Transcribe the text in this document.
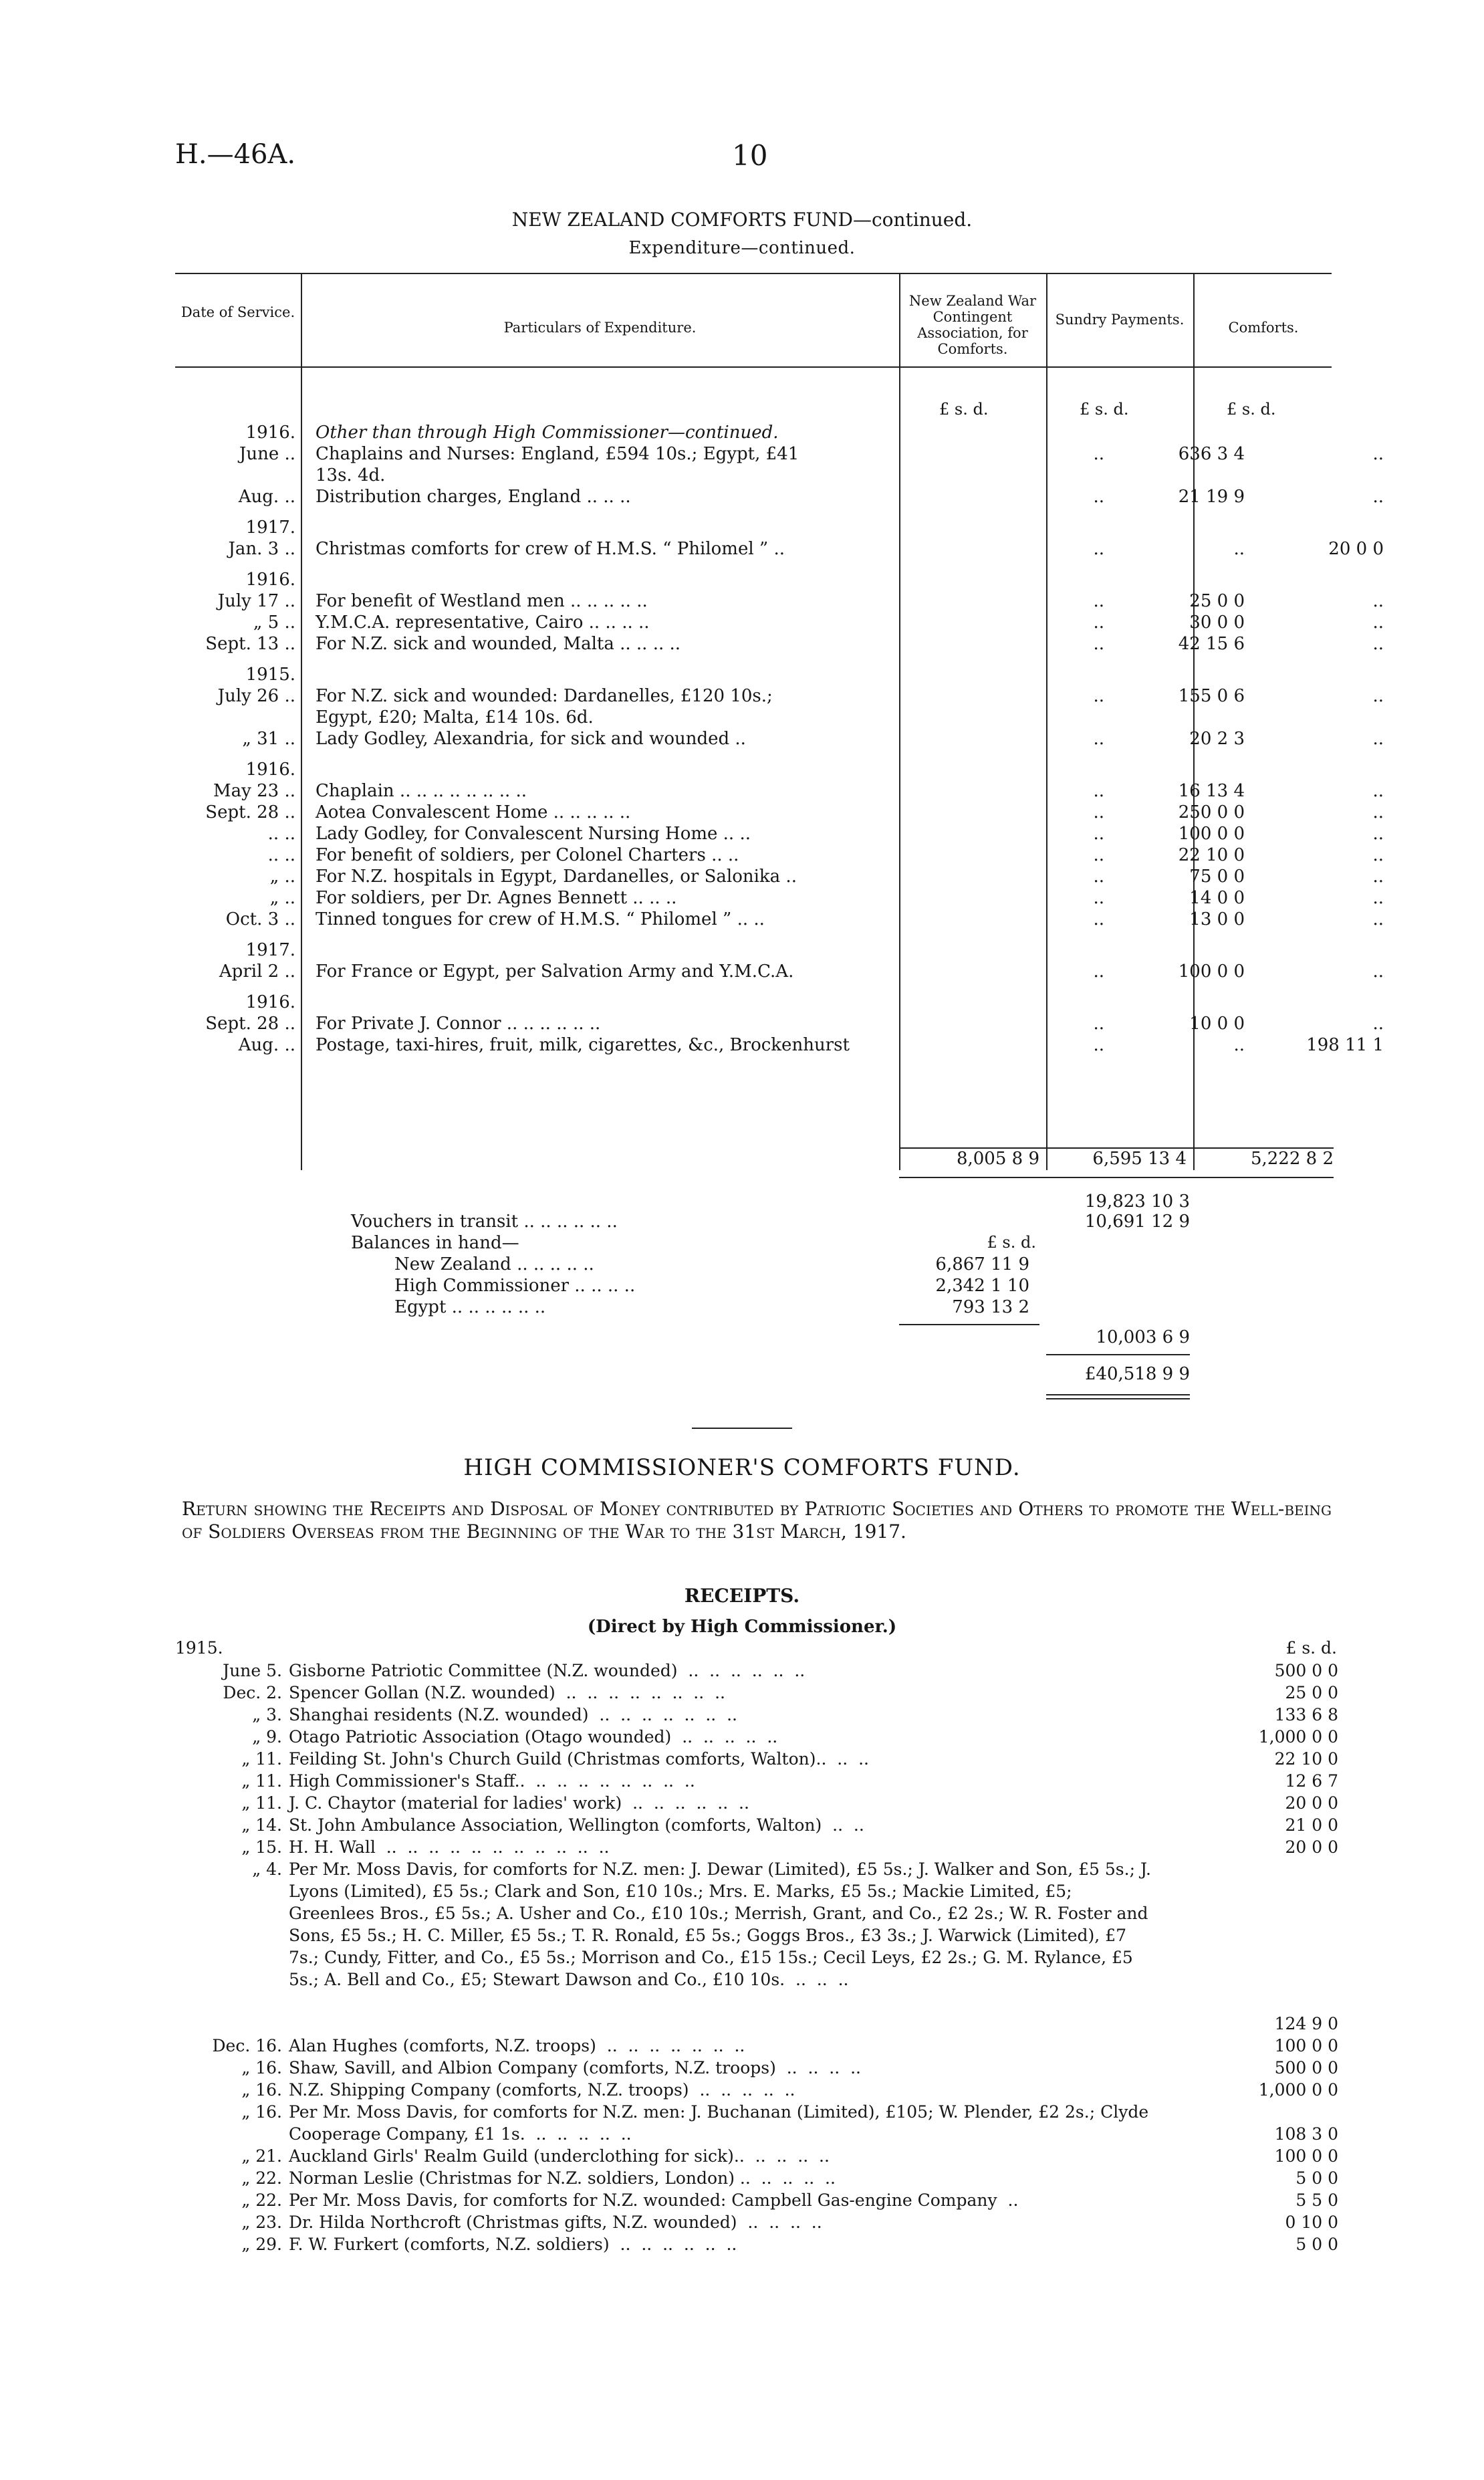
H.—46A.	10
NEW ZEALAND COMFORTS FUND—continued.
Expenditure—continued.
Date of Service.
Particulars of Expenditure.
New Zealand War Contingent Association, for Comforts.
Sundry Payments.	Comforts.
£ s. d.	£ s. d.	£ s. d.
1916. Other than through High Commissioner—continued.
June .. Chaplains and Nurses: England, £594 10s.; Egypt, £41	..	636 3 4	..
13s. 4d.
Aug. .. Distribution charges, England .. .. ..	..	21 19 9	..
1917.
Jan. 3 .. Christmas comforts for crew of H.M.S. “ Philomel ” ..	..	..	20 0 0
1916.
July 17 .. For benefit of Westland men .. .. .. .. ..	..	25 0 0	..
„ 5 .. Y.M.C.A. representative, Cairo .. .. .. ..	..	30 0 0	..
Sept. 13 .. For N.Z. sick and wounded, Malta .. .. .. ..	..	42 15 6	..
1915.
July 26 .. For N.Z. sick and wounded: Dardanelles, £120 10s.;	..	155 0 6	..
Egypt, £20; Malta, £14 10s. 6d.
„ 31 .. Lady Godley, Alexandria, for sick and wounded ..	..	20 2 3	..
1916.
May 23 .. Chaplain .. .. .. .. .. .. .. ..	..	16 13 4	..
Sept. 28 .. Aotea Convalescent Home .. .. .. .. ..	..	250 0 0	..
.. .. Lady Godley, for Convalescent Nursing Home .. ..	..	100 0 0	..
.. .. For benefit of soldiers, per Colonel Charters .. ..	..	22 10 0	..
„ .. For N.Z. hospitals in Egypt, Dardanelles, or Salonika ..	..	75 0 0	..
„ .. For soldiers, per Dr. Agnes Bennett .. .. ..	..	14 0 0	..
Oct. 3 .. Tinned tongues for crew of H.M.S. “ Philomel ” .. ..	..	13 0 0	..
1917.
April 2 .. For France or Egypt, per Salvation Army and Y.M.C.A.	..	100 0 0	..
1916.
Sept. 28 .. For Private J. Connor .. .. .. .. .. ..	..	10 0 0	..
Aug. .. Postage, taxi-hires, fruit, milk, cigarettes, &c., Brockenhurst	..	..	198 11 1
8,005 8 9	6,595 13 4	5,222 8 2
19,823 10 3
Vouchers in transit .. .. .. .. .. ..	10,691 12 9
Balances in hand—	£ s. d.
New Zealand .. .. .. .. ..	6,867 11 9
High Commissioner .. .. .. ..	2,342 1 10
Egypt .. .. .. .. .. ..	793 13 2
10,003 6 9
£40,518 9 9
HIGH COMMISSIONER'S COMFORTS FUND.
Return showing the Receipts and Disposal of Money contributed by Patriotic Societies and Others to promote the Well-being of Soldiers Overseas from the Beginning of the War to the 31st March, 1917.
RECEIPTS.
(Direct by High Commissioner.)
£ s. d.
1915.
June 5. Gisborne Patriotic Committee (N.Z. wounded)  ..  ..  ..  ..  ..  ..	500 0 0
Dec. 2. Spencer Gollan (N.Z. wounded)  ..  ..  ..  ..  ..  ..  ..  ..	25 0 0
„ 3. Shanghai residents (N.Z. wounded)  ..  ..  ..  ..  ..  ..  ..	133 6 8
„ 9. Otago Patriotic Association (Otago wounded)  ..  ..  ..  ..  ..	1,000 0 0
„ 11. Feilding St. John's Church Guild (Christmas comforts, Walton)..  ..  ..	22 10 0
„ 11. High Commissioner's Staff..  ..  ..  ..  ..  ..  ..  ..  ..	12 6 7
„ 11. J. C. Chaytor (material for ladies' work)  ..  ..  ..  ..  ..  ..	20 0 0
„ 14. St. John Ambulance Association, Wellington (comforts, Walton)  ..  ..	21 0 0
„ 15. H. H. Wall  ..  ..  ..  ..  ..  ..  ..  ..  ..  ..  ..	20 0 0
„ 4. Per Mr. Moss Davis, for comforts for N.Z. men: J. Dewar (Limited), £5 5s.; J. Walker and Son, £5 5s.; J. Lyons (Limited), £5 5s.; Clark and Son, £10 10s.; Mrs. E. Marks, £5 5s.; Mackie Limited, £5; Greenlees Bros., £5 5s.; A. Usher and Co., £10 10s.; Merrish, Grant, and Co., £2 2s.; W. R. Foster and Sons, £5 5s.; H. C. Miller, £5 5s.; T. R. Ronald, £5 5s.; Goggs Bros., £3 3s.; J. Warwick (Limited), £7 7s.; Cundy, Fitter, and Co., £5 5s.; Morrison and Co., £15 15s.; Cecil Leys, £2 2s.; G. M. Rylance, £5 5s.; A. Bell and Co., £5; Stewart Dawson and Co., £10 10s.  ..  ..  ..
124 9 0
Dec. 16. Alan Hughes (comforts, N.Z. troops)  ..  ..  ..  ..  ..  ..  ..	100 0 0
„ 16. Shaw, Savill, and Albion Company (comforts, N.Z. troops)  ..  ..  ..  ..	500 0 0
„ 16. N.Z. Shipping Company (comforts, N.Z. troops)  ..  ..  ..  ..  ..	1,000 0 0
„ 16. Per Mr. Moss Davis, for comforts for N.Z. men: J. Buchanan (Limited), £105; W. Plender, £2 2s.; Clyde Cooperage Company, £1 1s.  ..  ..  ..  ..  ..	108 3 0
„ 21. Auckland Girls' Realm Guild (underclothing for sick)..  ..  ..  ..  ..	100 0 0
„ 22. Norman Leslie (Christmas for N.Z. soldiers, London) ..  ..  ..  ..  ..	5 0 0
„ 22. Per Mr. Moss Davis, for comforts for N.Z. wounded: Campbell Gas-engine Company  ..	5 5 0
„ 23. Dr. Hilda Northcroft (Christmas gifts, N.Z. wounded)  ..  ..  ..  ..	0 10 0
„ 29. F. W. Furkert (comforts, N.Z. soldiers)  ..  ..  ..  ..  ..  ..	5 0 0
